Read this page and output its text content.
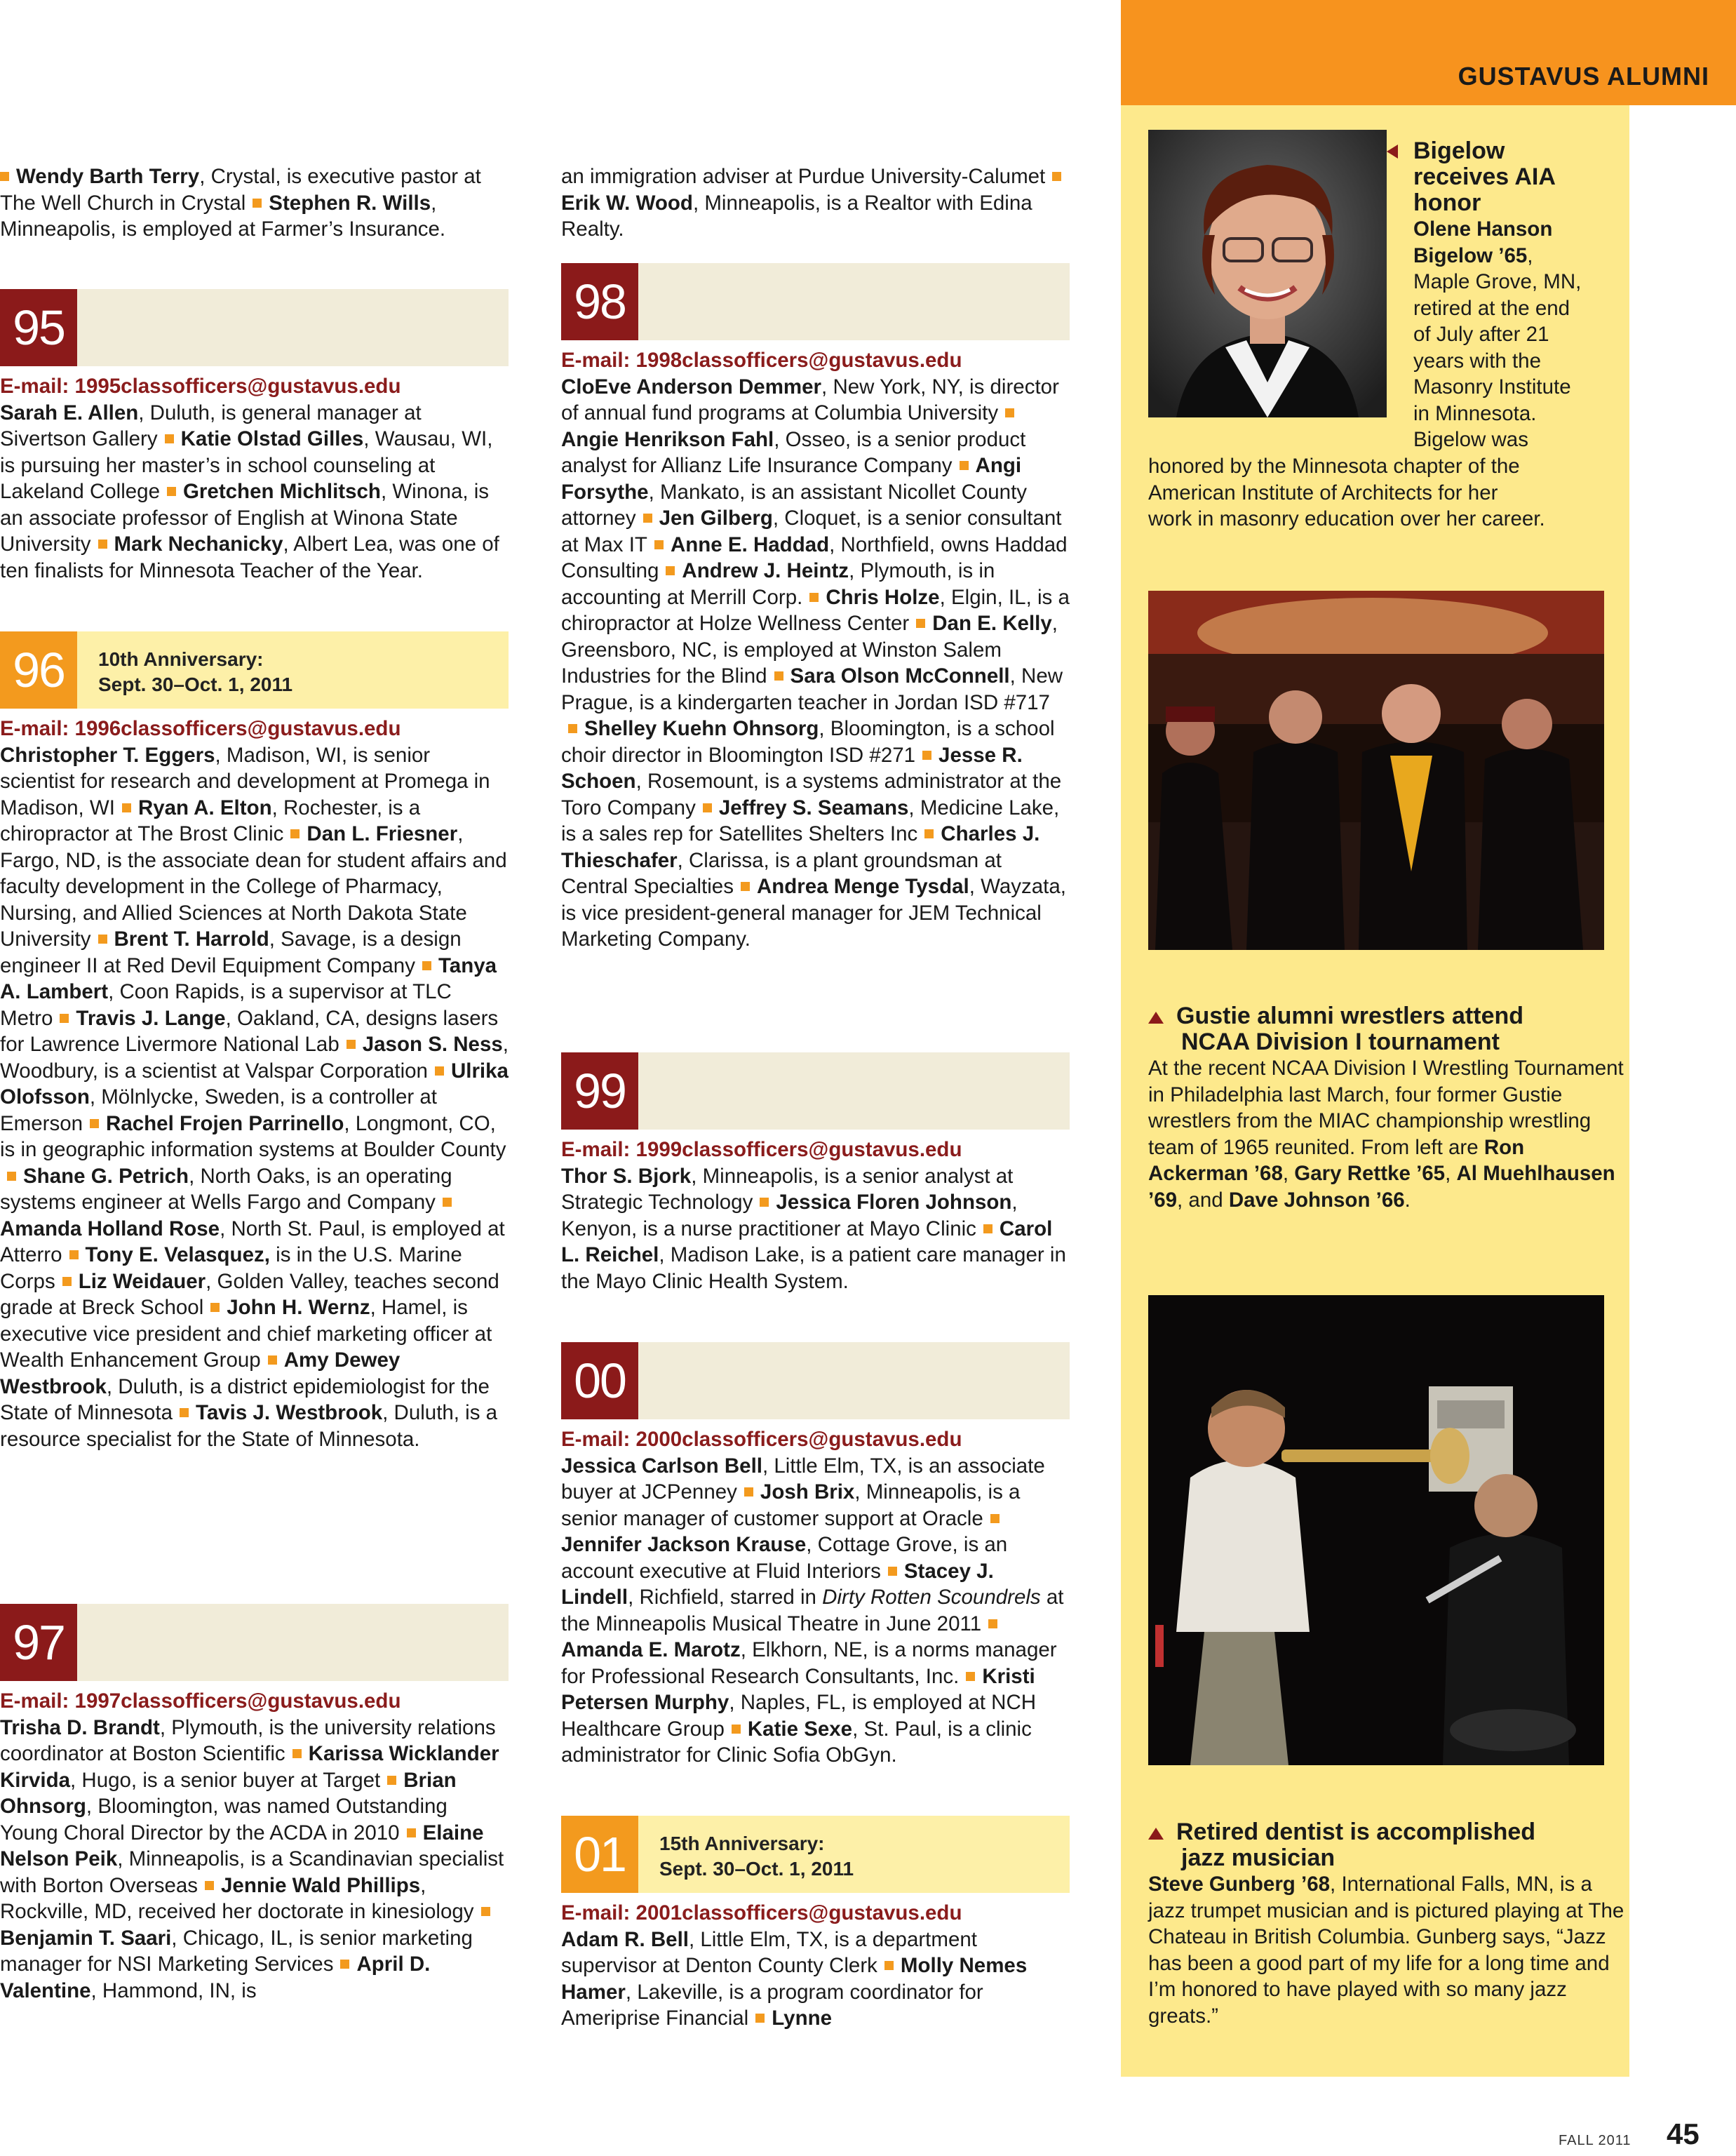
GUSTAVUS ALUMNI

Wendy Barth Terry, Crystal, is executive pastor at The Well Church in Crystal Stephen R. Wills, Minneapolis, is employed at Farmer’s Insurance.

95

E-mail: 1995classofficers@gustavus.edu

Sarah E. Allen, Duluth, is general manager at Sivertson Gallery Katie Olstad Gilles, Wausau, WI, is pursuing her master’s in school counseling at Lakeland College Gretchen Michlitsch, Winona, is an associate professor of English at Winona State University Mark Nechanicky, Albert Lea, was one of ten finalists for Minnesota Teacher of the Year.

96	10th Anniversary:
Sept. 30–Oct. 1, 2011

E-mail: 1996classofficers@gustavus.edu

Christopher T. Eggers, Madison, WI, is senior scientist for research and development at Promega in Madison, WI Ryan A. Elton, Rochester, is a chiropractor at The Brost Clinic Dan L. Friesner, Fargo, ND, is the associate dean for student affairs and faculty development in the College of Pharmacy, Nursing, and Allied Sciences at North Dakota State University Brent T. Harrold, Savage, is a design engineer II at Red Devil Equipment Company Tanya A. Lambert, Coon Rapids, is a supervisor at TLC Metro Travis J. Lange, Oakland, CA, designs lasers for Lawrence Livermore National Lab Jason S. Ness, Woodbury, is a scientist at Valspar Corporation Ulrika Olofsson, Mölnlycke, Sweden, is a controller at Emerson Rachel Frojen Parrinello, Longmont, CO, is in geographic information systems at Boulder CountyShane G. Petrich, North Oaks, is an operating systems engineer at Wells Fargo and CompanyAmanda Holland Rose, North St. Paul, is employed at Atterro Tony E. Velasquez, is in the U.S. Marine Corps Liz Weidauer, Golden Valley, teaches second grade at Breck School John H. Wernz, Hamel, is executive vice president and chief marketing officer at Wealth Enhancement Group Amy Dewey Westbrook, Duluth, is a district epidemiologist for the State of Minnesota Tavis J. Westbrook, Duluth, is a resource specialist for the State of Minnesota.

97

E-mail: 1997classofficers@gustavus.edu

Trisha D. Brandt, Plymouth, is the university relations coordinator at Boston Scientific Karissa Wicklander Kirvida, Hugo, is a senior buyer at Target Brian Ohnsorg, Bloomington, was named Outstanding Young Choral Director by the ACDA in 2010 Elaine Nelson Peik, Minneapolis, is a Scandinavian specialist with Borton Overseas Jennie Wald Phillips, Rockville, MD, received her doctorate in kinesiologyBenjamin T. Saari, Chicago, IL, is senior marketing manager for NSI Marketing Services April D. Valentine, Hammond, IN, is

an immigration adviser at Purdue University-CalumetErik W. Wood, Minneapolis, is a Realtor with Edina Realty.

98

E-mail: 1998classofficers@gustavus.edu

CloEve Anderson Demmer, New York, NY, is director of annual fund programs at Columbia UniversityAngie Henrikson Fahl, Osseo, is a senior product analyst for Allianz Life Insurance Company Angi Forsythe, Mankato, is an assistant Nicollet County attorney Jen Gilberg, Cloquet, is a senior consultant at Max IT Anne E. Haddad, Northfield, owns Haddad Consulting Andrew J. Heintz, Plymouth, is in accounting at Merrill Corp. Chris Holze, Elgin, IL, is a chiropractor at Holze Wellness Center Dan E. Kelly, Greensboro, NC, is employed at Winston Salem Industries for the Blind Sara Olson McConnell, New Prague, is a kindergarten teacher in Jordan ISD #717Shelley Kuehn Ohnsorg, Bloomington, is a school choir director in Bloomington ISD #271 Jesse R. Schoen, Rosemount, is a systems administrator at the Toro Company Jeffrey S. Seamans, Medicine Lake, is a sales rep for Satellites Shelters Inc Charles J. Thieschafer, Clarissa, is a plant groundsman at Central Specialties Andrea Menge Tysdal, Wayzata, is vice president-general manager for JEM Technical Marketing Company.

99

E-mail: 1999classofficers@gustavus.edu

Thor S. Bjork, Minneapolis, is a senior analyst at Strategic Technology Jessica Floren Johnson, Kenyon, is a nurse practitioner at Mayo Clinic Carol L. Reichel, Madison Lake, is a patient care manager in the Mayo Clinic Health System.

00

E-mail: 2000classofficers@gustavus.edu

Jessica Carlson Bell, Little Elm, TX, is an associate buyer at JCPenney Josh Brix, Minneapolis, is a senior manager of customer support at OracleJennifer Jackson Krause, Cottage Grove, is an account executive at Fluid Interiors Stacey J. Lindell, Richfield, starred in Dirty Rotten Scoundrels at the Minneapolis Musical Theatre in June 2011Amanda E. Marotz, Elkhorn, NE, is a norms manager for Professional Research Consultants, Inc. Kristi Petersen Murphy, Naples, FL, is employed at NCH Healthcare Group Katie Sexe, St. Paul, is a clinic administrator for Clinic Sofia ObGyn.

01	15th Anniversary:
Sept. 30–Oct. 1, 2011

E-mail: 2001classofficers@gustavus.edu

Adam R. Bell, Little Elm, TX, is a department supervisor at Denton County Clerk Molly Nemes Hamer, Lakeville, is a program coordinator for Ameriprise Financial Lynne

Bigelow
receives AIA
honor
Olene Hanson
Bigelow ’65,
Maple Grove, MN,
retired at the end
of July after 21
years with the
Masonry Institute
in Minnesota.
Bigelow was
honored by the Minnesota chapter of the
American Institute of Architects for her
work in masonry education over her career.
Gustie alumni wrestlers attend
NCAA Division I tournament

At the recent NCAA Division I Wrestling Tournament in Philadelphia last March, four former Gustie wrestlers from the MIAC championship wrestling team of 1965 reunited. From left are Ron Ackerman ’68, Gary Rettke ’65, Al Muehlhausen ’69, and Dave Johnson ’66.

Retired dentist is accomplished
jazz musician

Steve Gunberg ’68, International Falls, MN, is a jazz trumpet musician and is pictured playing at The Chateau in British Columbia. Gunberg says, “Jazz has been a good part of my life for a long time and I’m honored to have played with so many jazz greats.”

FALL 2011 45
